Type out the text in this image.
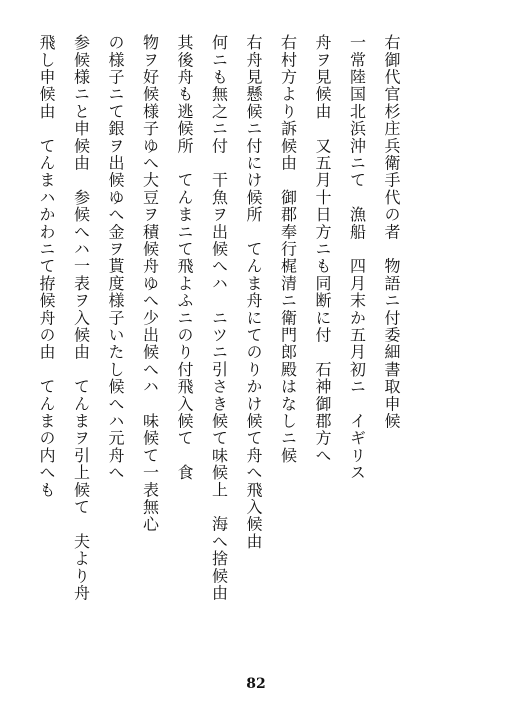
右御代官杉庄兵衛手代の者　物語ニ付委細書取申候
一常陸国北浜沖ニて　漁船　四月末か五月初ニ　イギリス
舟ヲ見候由　又五月十日方ニも同断に付　石神御郡方へ
右村方より訴候由　御郡奉行梶清ニ衛門郎殿はなしニ候
右舟見懸候ニ付にけ候所　てんま舟にてのりかけ候て舟へ飛入候由
何ニも無之ニ付　干魚ヲ出候へハ　ニツニ引さき候て味候上　海へ捨候由
其後舟も逃候所　てんまニて飛よふニのり付飛入候て　食
物ヲ好候様子ゆへ大豆ヲ積候舟ゆへ少出候へハ　味候て一表無心
の様子ニて銀ヲ出候ゆへ金ヲ貰度様子いたし候へハ元舟へ
参候様ニと申候由　参候へハ一表ヲ入候由　てんまヲ引上候て　夫より舟
飛し申候由　てんまハかわニて拵候舟の由　てんまの内へも
82
